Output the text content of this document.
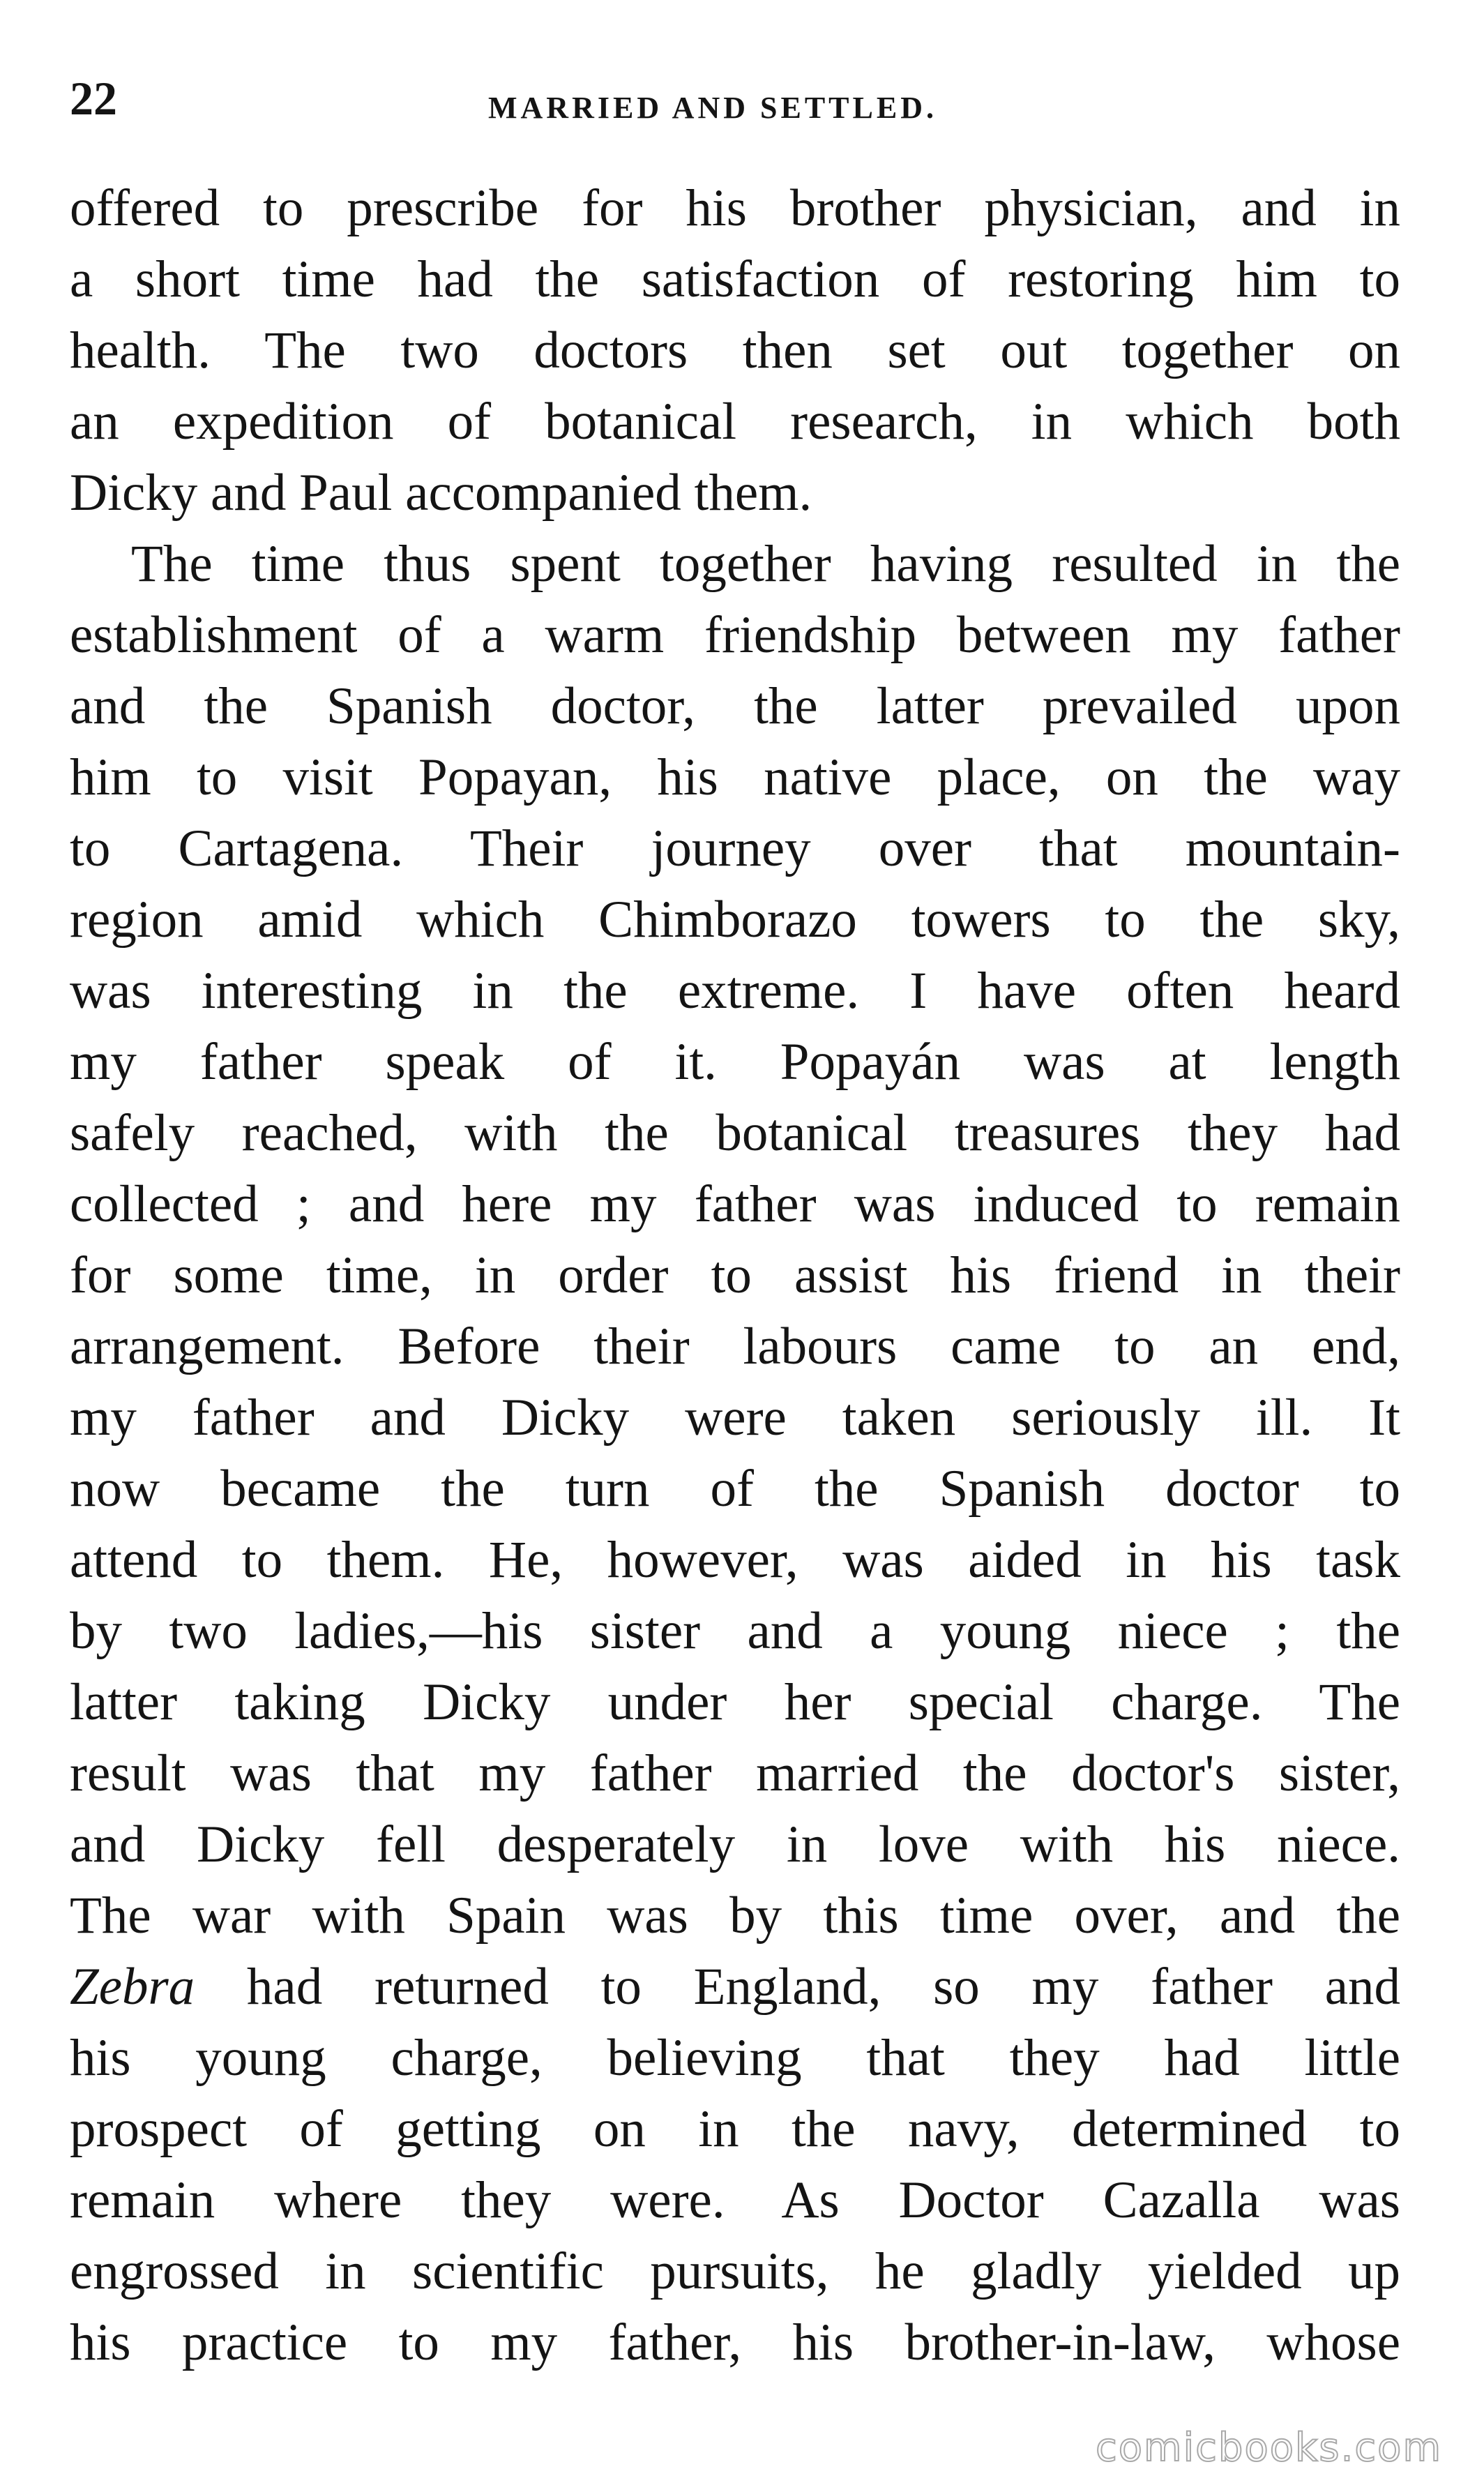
22	MARRIED AND SETTLED.
offered to prescribe for his brother physician, and in
a short time had the satisfaction of restoring him to
health. The two doctors then set out together on
an expedition of botanical research, in which both
Dicky and Paul accompanied them.
The time thus spent together having resulted in the
establishment of a warm friendship between my father
and the Spanish doctor, the latter prevailed upon
him to visit Popayan, his native place, on the way
to Cartagena. Their journey over that mountain-
region amid which Chimborazo towers to the sky,
was interesting in the extreme. I have often heard
my father speak of it. Popayán was at length
safely reached, with the botanical treasures they had
collected ; and here my father was induced to remain
for some time, in order to assist his friend in their
arrangement. Before their labours came to an end,
my father and Dicky were taken seriously ill. It
now became the turn of the Spanish doctor to
attend to them. He, however, was aided in his task
by two ladies,—his sister and a young niece ; the
latter taking Dicky under her special charge. The
result was that my father married the doctor's sister,
and Dicky fell desperately in love with his niece.
The war with Spain was by this time over, and the
Zebra had returned to England, so my father and
his young charge, believing that they had little
prospect of getting on in the navy, determined to
remain where they were. As Doctor Cazalla was
engrossed in scientific pursuits, he gladly yielded up
his practice to my father, his brother-in-law, whose
comicbooks.com
